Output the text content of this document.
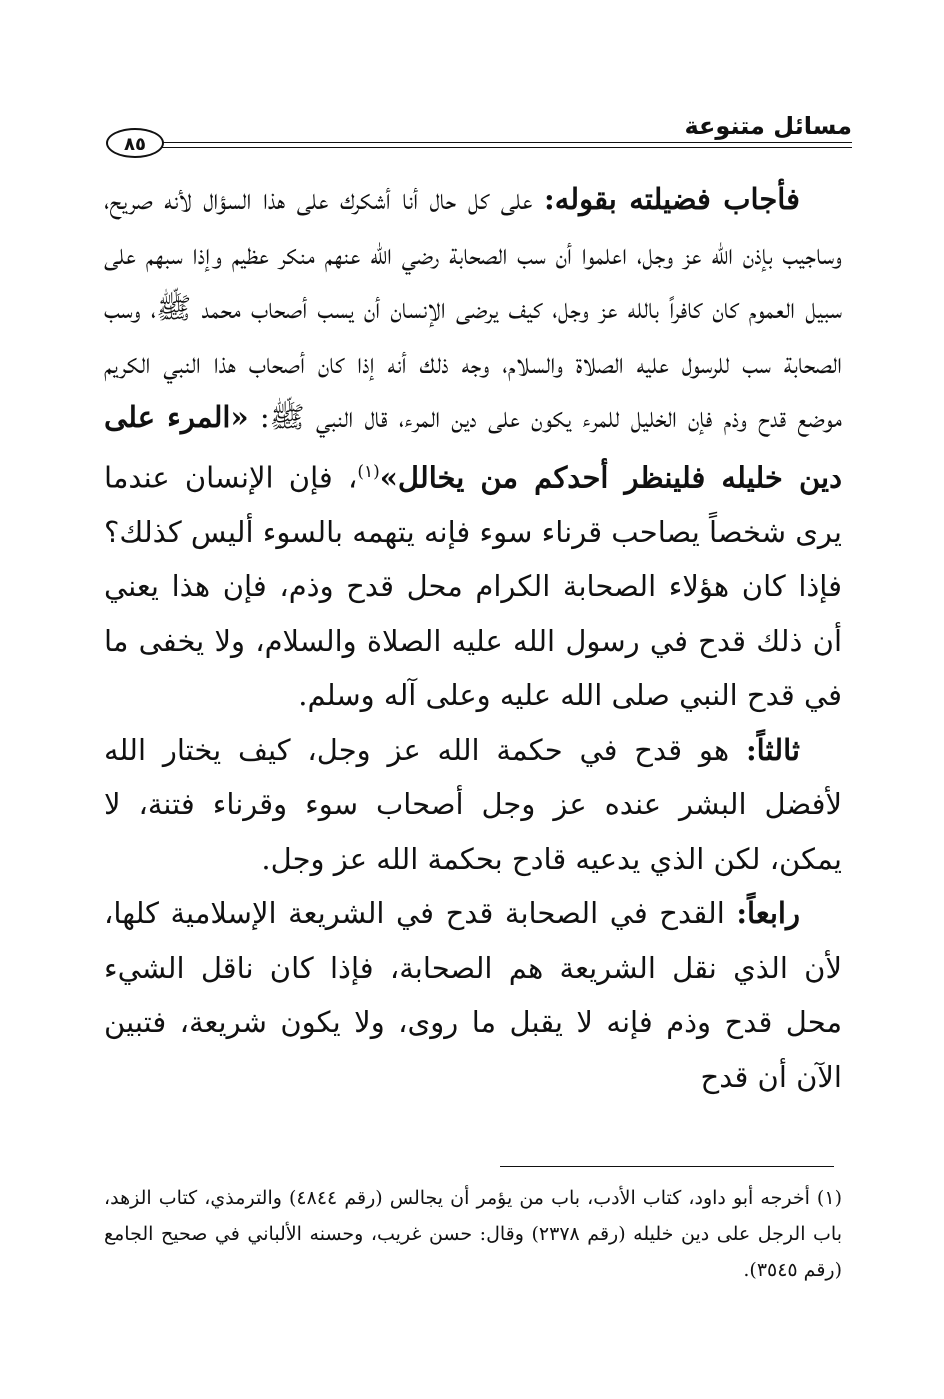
مسائل متنوعة
٨٥

فأجاب فضيلته بقوله: على كل حال أنا أشكرك على هذا السؤال لأنه صريح، وساجيب بإذن الله عز وجل، اعلموا أن سب الصحابة رضي الله عنهم منكر عظيم وإذا سبهم على سبيل العموم كان كافراً بالله عز وجل، كيف يرضى الإنسان أن يسب أصحاب محمد ﷺ، وسب الصحابة سب للرسول عليه الصلاة والسلام، وجه ذلك أنه إذا كان أصحاب هذا النبي الكريم موضع قدح وذم فإن الخليل للمرء يكون على دين المرء، قال النبي ﷺ: «المرء على دين خليله فلينظر أحدكم من يخالل»$^{(١)}$، فإن الإنسان عندما يرى شخصاً يصاحب قرناء سوء فإنه يتهمه بالسوء أليس كذلك؟ فإذا كان هؤلاء الصحابة الكرام محل قدح وذم، فإن هذا يعني أن ذلك قدح في رسول الله عليه الصلاة والسلام، ولا يخفى ما في قدح النبي صلى الله عليه وعلى آله وسلم.

ثالثاً: هو قدح في حكمة الله عز وجل، كيف يختار الله لأفضل البشر عنده عز وجل أصحاب سوء وقرناء فتنة، لا يمكن، لكن الذي يدعيه قادح بحكمة الله عز وجل.

رابعاً: القدح في الصحابة قدح في الشريعة الإسلامية كلها، لأن الذي نقل الشريعة هم الصحابة، فإذا كان ناقل الشيء محل قدح وذم فإنه لا يقبل ما روى، ولا يكون شريعة، فتبين الآن أن قدح

(١) أخرجه أبو داود، كتاب الأدب، باب من يؤمر أن يجالس (رقم ٤٨٤٤) والترمذي، كتاب الزهد، باب الرجل على دين خليله (رقم ٢٣٧٨) وقال: حسن غريب، وحسنه الألباني في صحيح الجامع (رقم ٣٥٤٥).
